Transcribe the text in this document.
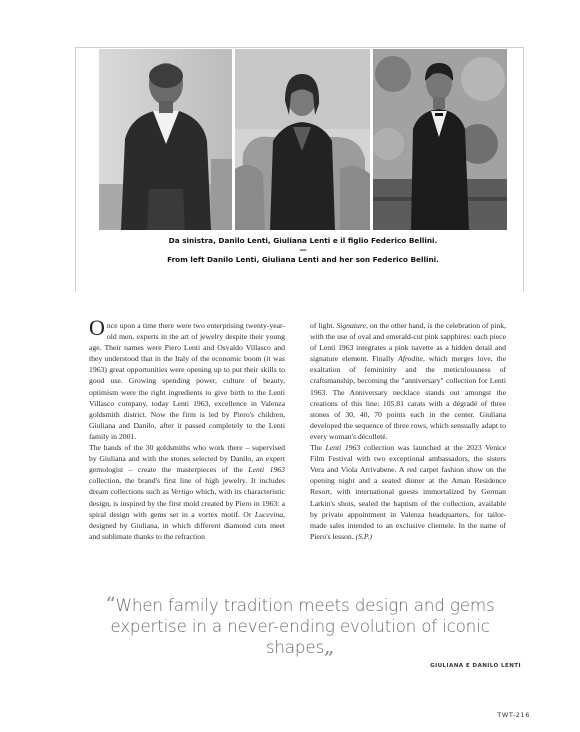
Da sinistra, Danilo Lenti, Giuliana Lenti e il figlio Federico Bellini.
—
From left Danilo Lenti, Giuliana Lenti and her son Federico Bellini.

Once upon a time there were two enterprising twenty-year-old men, experts in the art of jewelry despite their young age. Their names were Piero Lenti and Osvaldo Villasco and they understood that in the Italy of the economic boom (it was 1963) great opportunities were opening up to put their skills to good use. Growing spending power, culture of beauty, optimism were the right ingredients to give birth to the Lenti Villasco company, today Lenti 1963, excellence in Valenza goldsmith district. Now the firm is led by Piero's children, Giuliana and Danilo, after it passed completely to the Lenti family in 2001.

The hands of the 30 goldsmiths who work there – supervised by Giuliana and with the stones selected by Danilo, an expert gemologist – create the masterpieces of the Lenti 1963 collection, the brand's first line of high jewelry. It includes dream collections such as Vertigo which, with its characteristic design, is inspired by the first mold created by Piero in 1963: a spiral design with gems set in a vortex motif. Or Lucevina, designed by Giuliana, in which different diamond cuts meet and sublimate thanks to the refraction

of light. Signature, on the other hand, is the celebration of pink, with the use of oval and emerald-cut pink sapphires: each piece of Lenti 1963 integrates a pink navette as a hidden detail and signature element. Finally Afrodite, which merges love, the exaltation of femininity and the meticulousness of craftsmanship, becoming the "anniversary" collection for Lenti 1963. The Anniversary necklace stands out amongst the creations of this line: 105.81 carats with a dégradé of three stones of 30, 40, 70 points each in the center. Giuliana developed the sequence of three rows, which sensually adapt to every woman's décolleté.

The Lenti 1963 collection was launched at the 2023 Venice Film Festival with two exceptional ambassadors, the sisters Vera and Viola Arrivabene. A red carpet fashion show on the opening night and a seated dinner at the Aman Residence Resort, with international guests immortalized by German Larkin's shots, sealed the baptism of the collection, available by private appointment in Valenza headquarters, for tailor-made sales intended to an exclusive clientele. In the name of Piero's lesson. (S.P.)

“When family tradition meets design and gems expertise in a never-ending evolution of iconic shapes„
GIULIANA E DANILO LENTI
TWT-216
